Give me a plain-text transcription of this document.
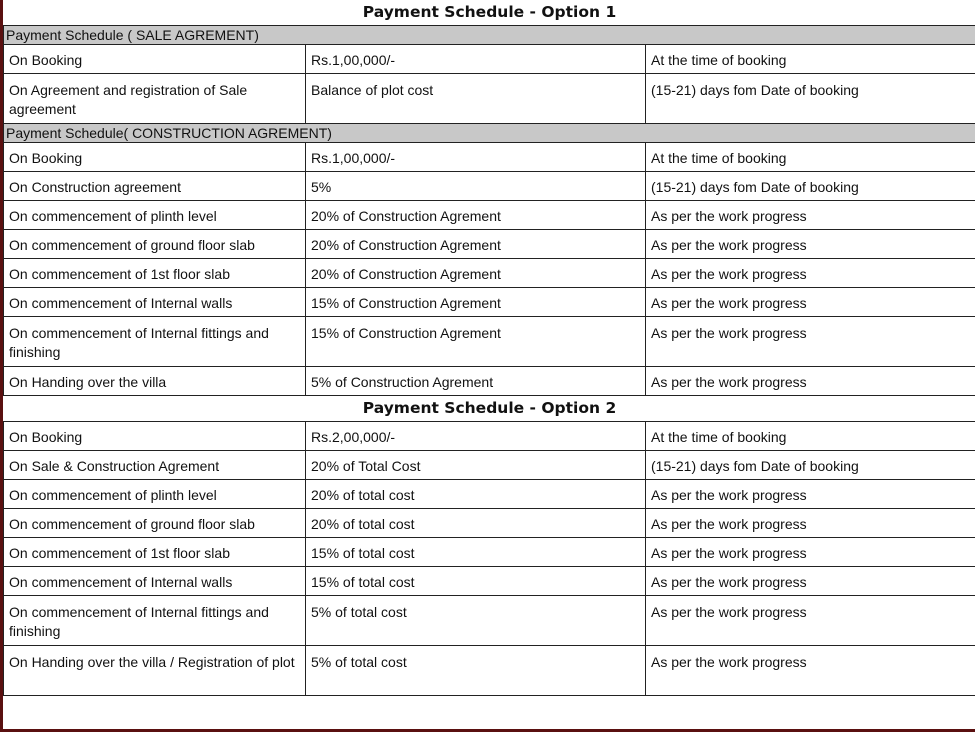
Payment Schedule - Option 1		
Payment Schedule ( SALE AGREMENT)		
On Booking	Rs.1,00,000/-	At the time of booking
On Agreement and registration of Sale agreement	Balance of plot cost	(15-21) days fom Date of booking
Payment Schedule( CONSTRUCTION AGREMENT)		
On Booking	Rs.1,00,000/-	At the time of booking
On Construction agreement	5%	(15-21) days fom Date of booking
On commencement of plinth level	20% of Construction Agrement	As per the work progress
On commencement of ground floor slab	20% of Construction Agrement	As per the work progress
On commencement of 1st floor slab	20% of Construction Agrement	As per the work progress
On commencement of Internal walls	15% of Construction Agrement	As per the work progress
On commencement of Internal fittings and finishing	15% of Construction Agrement	As per the work progress
On Handing over the villa	5% of Construction Agrement	As per the work progress
Payment Schedule - Option 2		
On Booking	Rs.2,00,000/-	At the time of booking
On Sale & Construction Agrement	20% of Total Cost	(15-21) days fom Date of booking
On commencement of plinth level	20% of total cost	As per the work progress
On commencement of ground floor slab	20% of total cost	As per the work progress
On commencement of 1st floor slab	15% of total cost	As per the work progress
On commencement of Internal walls	15% of total cost	As per the work progress
On commencement of Internal fittings and finishing	5% of total cost	As per the work progress
On Handing over the villa / Registration of plot	5% of total cost	As per the work progress
